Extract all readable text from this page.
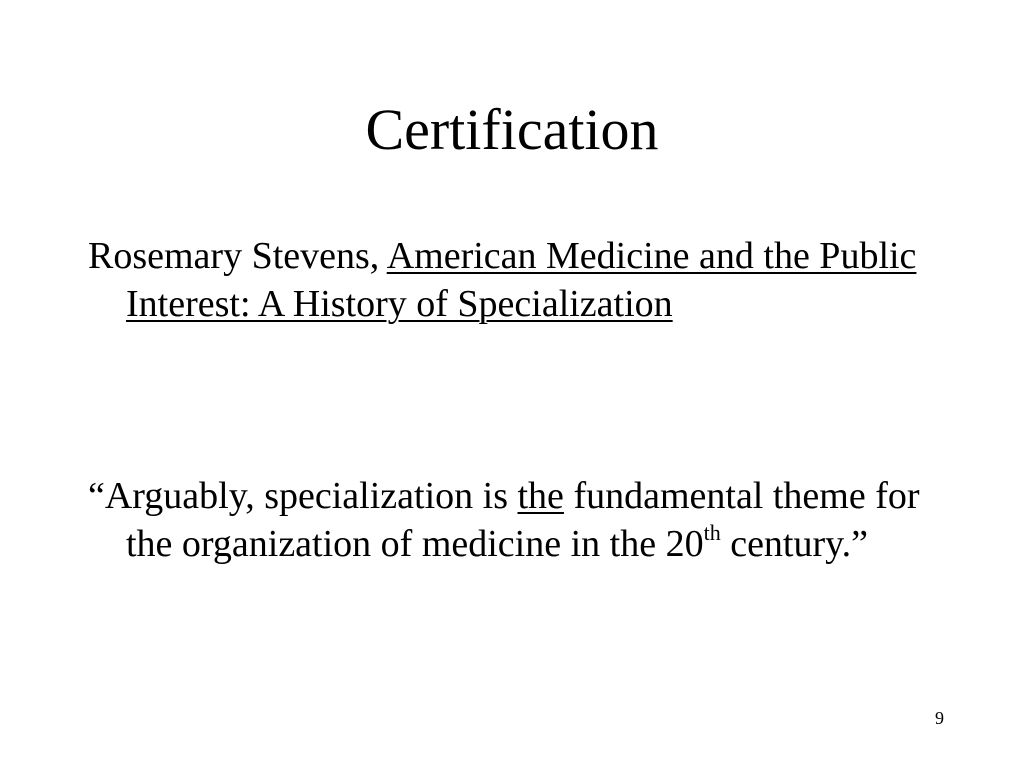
Certification

Rosemary Stevens, American Medicine and the Public Interest: A History of Specialization

“Arguably, specialization is the fundamental theme for the organization of medicine in the 20th century.”

9
